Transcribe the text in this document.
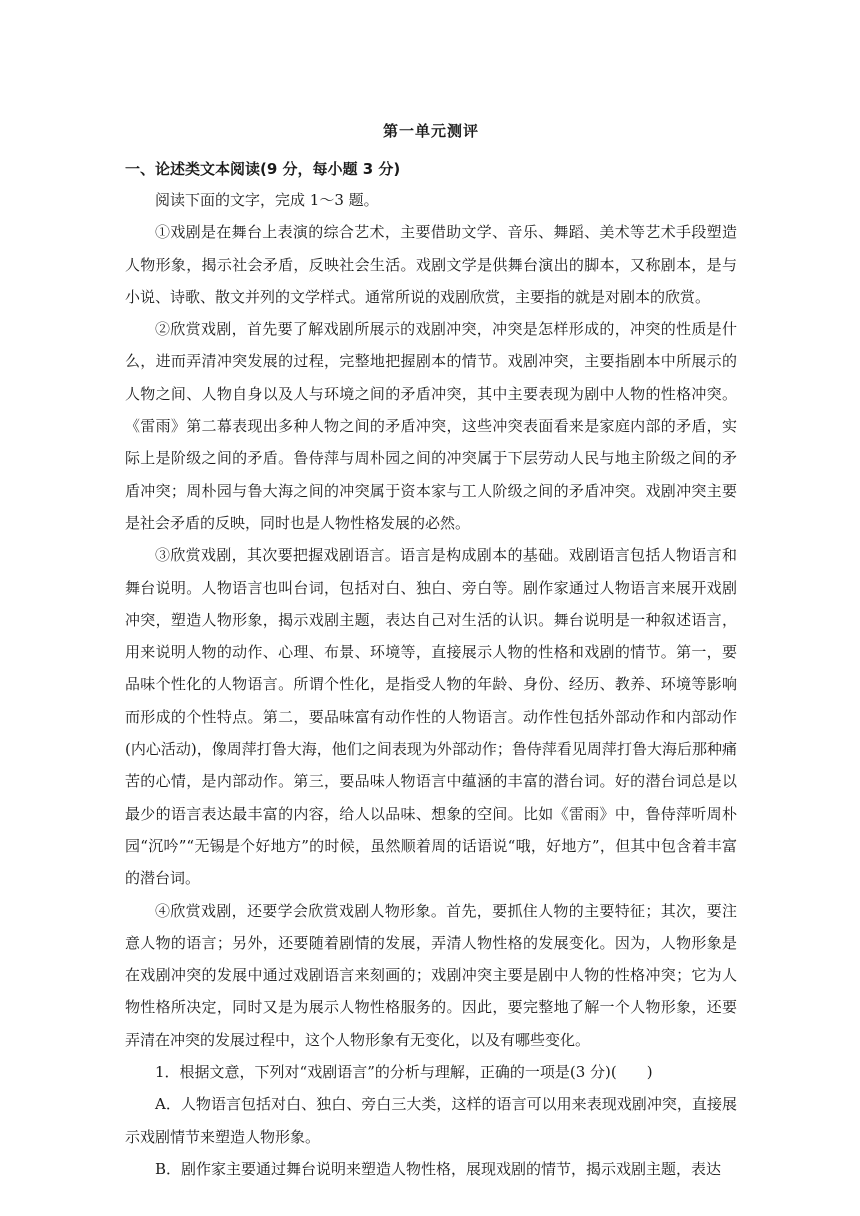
第一单元测评
一、论述类文本阅读(9 分，每小题 3 分)

阅读下面的文字，完成 1～3 题。

①戏剧是在舞台上表演的综合艺术，主要借助文学、音乐、舞蹈、美术等艺术手段塑造人物形象，揭示社会矛盾，反映社会生活。戏剧文学是供舞台演出的脚本，又称剧本，是与小说、诗歌、散文并列的文学样式。通常所说的戏剧欣赏，主要指的就是对剧本的欣赏。

②欣赏戏剧，首先要了解戏剧所展示的戏剧冲突，冲突是怎样形成的，冲突的性质是什么，进而弄清冲突发展的过程，完整地把握剧本的情节。戏剧冲突，主要指剧本中所展示的人物之间、人物自身以及人与环境之间的矛盾冲突，其中主要表现为剧中人物的性格冲突。《雷雨》第二幕表现出多种人物之间的矛盾冲突，这些冲突表面看来是家庭内部的矛盾，实际上是阶级之间的矛盾。鲁侍萍与周朴园之间的冲突属于下层劳动人民与地主阶级之间的矛盾冲突；周朴园与鲁大海之间的冲突属于资本家与工人阶级之间的矛盾冲突。戏剧冲突主要是社会矛盾的反映，同时也是人物性格发展的必然。

③欣赏戏剧，其次要把握戏剧语言。语言是构成剧本的基础。戏剧语言包括人物语言和舞台说明。人物语言也叫台词，包括对白、独白、旁白等。剧作家通过人物语言来展开戏剧冲突，塑造人物形象，揭示戏剧主题，表达自己对生活的认识。舞台说明是一种叙述语言，用来说明人物的动作、心理、布景、环境等，直接展示人物的性格和戏剧的情节。第一，要品味个性化的人物语言。所谓个性化，是指受人物的年龄、身份、经历、教养、环境等影响而形成的个性特点。第二，要品味富有动作性的人物语言。动作性包括外部动作和内部动作(内心活动)，像周萍打鲁大海，他们之间表现为外部动作；鲁侍萍看见周萍打鲁大海后那种痛苦的心情，是内部动作。第三，要品味人物语言中蕴涵的丰富的潜台词。好的潜台词总是以最少的语言表达最丰富的内容，给人以品味、想象的空间。比如《雷雨》中，鲁侍萍听周朴园“沉吟”“无锡是个好地方”的时候，虽然顺着周的话语说“哦，好地方”，但其中包含着丰富的潜台词。

④欣赏戏剧，还要学会欣赏戏剧人物形象。首先，要抓住人物的主要特征；其次，要注意人物的语言；另外，还要随着剧情的发展，弄清人物性格的发展变化。因为，人物形象是在戏剧冲突的发展中通过戏剧语言来刻画的；戏剧冲突主要是剧中人物的性格冲突；它为人物性格所决定，同时又是为展示人物性格服务的。因此，要完整地了解一个人物形象，还要弄清在冲突的发展过程中，这个人物形象有无变化，以及有哪些变化。

1．根据文意，下列对“戏剧语言”的分析与理解，正确的一项是(3 分)(　　)

A．人物语言包括对白、独白、旁白三大类，这样的语言可以用来表现戏剧冲突，直接展示戏剧情节来塑造人物形象。

B．剧作家主要通过舞台说明来塑造人物性格，展现戏剧的情节，揭示戏剧主题，表达
